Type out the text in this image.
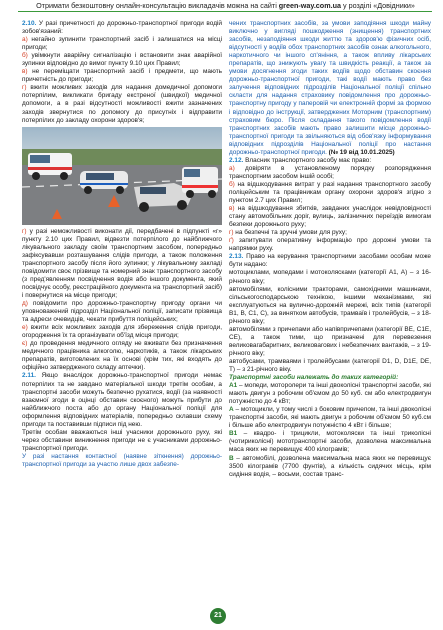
Отримати безкоштовну онлайн-консультацію викладачів можна на сайті green-way.com.ua у розділі «Довідники»

2.10. У разі причетності до дорожньо-транспортної пригоди водій зобов'язаний:

а) негайно зупинити транспортний засіб і залишатися на місці пригоди;

б) увімкнути аварійну сигналізацію і встановити знак аварійної зупинки відповідно до вимог пункту 9.10 цих Правил;

в) не переміщати транспортний засіб і предмети, що мають причетність до пригоди;

г) вжити можливих заходів для надання домедичної допомоги потерпілим, викликати бригаду екстреної (швидкої) медичної допомоги, а в разі відсутності можливості вжити зазначених заходів звернутися по допомогу до присутніх і відправити потерпілих до закладу охорони здоров'я;

г) у разі неможливості виконати дії, передбачені в підпункті «г» пункту 2.10 цих Правил, відвезти потерпілого до найближчого лікувального закладу своїм транспортним засобом, попередньо зафіксувавши розташування слідів пригоди, а також положення транспортного засобу після його зупинки; у лікувальному закладі повідомити своє прізвище та номерний знак транспортного засобу (з пред'явленням посвідчення водія або іншого документа, який посвідчує особу, реєстраційного документа на транспортний засіб) і повернутися на місце пригоди;

д) повідомити про дорожньо-транспортну пригоду органи чи уповноважений підрозділ Національної поліції, записати прізвища та адреси очевидців, чекати прибуття поліцейських;

е) вжити всіх можливих заходів для збереження слідів пригоди, огородження їх та організувати об'їзд місця пригоди;

є) до проведення медичного огляду не вживати без призначення медичного працівника алкоголю, наркотиків, а також лікарських препаратів, виготовлених на їх основі (крім тих, які входять до офіційно затвердженого складу аптечки).

2.11. Якщо внаслідок дорожньо-транспортної пригоди немає потерпілих та не завдано матеріальної шкоди третім особам, а транспортні засоби можуть безпечно рухатися, водії (за наявності взаємної згоди в оцінці обставин скоєного) можуть прибути до найближчого поста або до органу Національної поліції для оформлення відповідних матеріалів, попередньо склавши схему пригоди та поставивши підписи під нею.

Третім особам вважаються інші учасники дорожнього руху, які через обставини виникнення пригоди не є учасниками дорожньо-транспортної пригоди.

У разі настання контактної (наявне зіткнення) дорожньо-транспортної пригоди за участю лише двох забезпе-

чених транспортних засобів, за умови заподіяння шкоди майну виключно у вигляді пошкодження (знищення) транспортних засобів, незаподіяння шкоди життю та здоров'ю фізичних осіб, відсутності у водіїв обох транспортних засобів ознак алкогольного, наркотичного чи іншого сп'яніння, а також впливу лікарських препаратів, що знижують увагу та швидкість реакції, а також за умови досягнення згоди таких водіїв щодо обставин скоєння дорожньо-транспортної пригоди, такі водії мають право без залучення відповідних підрозділів Національної поліції спільно скласти для надання страховику повідомлення про дорожньо-транспортну пригоду у паперовій чи електронній формі за формою і відповідно до інструкції, затверджених Моторним (транспортним) страховим бюро. Після складання такого повідомлення водії транспортних засобів мають право залишити місце дорожньо-транспортної пригоди та звільняються від обов'язку інформування відповідних підрозділів Національної поліції про настання дорожньо-транспортної пригоди. (№ 19 від 10.01.2025)

2.12. Власник транспортного засобу має право:

а) довіряти в установленому порядку розпорядження транспортним засобом іншій особі;

б) на відшкодування витрат у разі надання транспортного засобу поліцейським та працівникам органу охорони здоров'я згідно з пунктом 2.7 цих Правил;

в) на відшкодування збитків, завданих унаслідок невідповідності стану автомобільних доріг, вулиць, залізничних переїздів вимогам безпеки дорожнього руху;

г) на безпечні та зручні умови для руху;

ґ) запитувати оперативну інформацію про дорожні умови та напрямки руху.

2.13. Право на керування транспортними засобами особам може бути надано:

мотоциклами, мопедами і мотоколясками (категорії A1, A) – з 16-річного віку;

автомобілями, колісними тракторами, самохідними машинами, сільськогосподарською технікою, іншими механізмами, які експлуатуються на вулично-дорожній мережі, всіх типів (категорії B1, B, C1, C), за винятком автобусів, трамваїв і тролейбусів, – з 18-річного віку;

автомобілями з причепами або напівпричепами (категорії BE, C1E, CE), а також тими, що призначені для перевезення великовагабаритних, великовагових і небезпечних вантажів, – з 19-річного віку;

автобусами, трамваями і тролейбусами (категорії D1, D, D1E, DE, T) – з 21-річного віку.

Транспортні засоби належать до таких категорій:

A1 – мопеди, моторолери та інші двоколісні транспортні засоби, які мають двигун з робочим об'ємом до 50 куб. см або електродвигун потужністю до 4 кВт;

A – мотоцикли, у тому числі з боковим причепом, та інші двоколісні транспортні засоби, які мають двигун з робочим об'ємом 50 куб.см і більше або електродвигун потужністю 4 кВт і більше;

B1 – квадро- і трицикли, мотоколяски та інші триколісні (чотириколісні) мототранспортні засоби, дозволена максимальна маса яких не перевищує 400 кілограмів;

B – автомобілі, дозволена максимальна маса яких не перевищує 3500 кілограмів (7700 фунтів), а кількість сидячих місць, крім сидіння водія, – восьми, состав транс-

21
